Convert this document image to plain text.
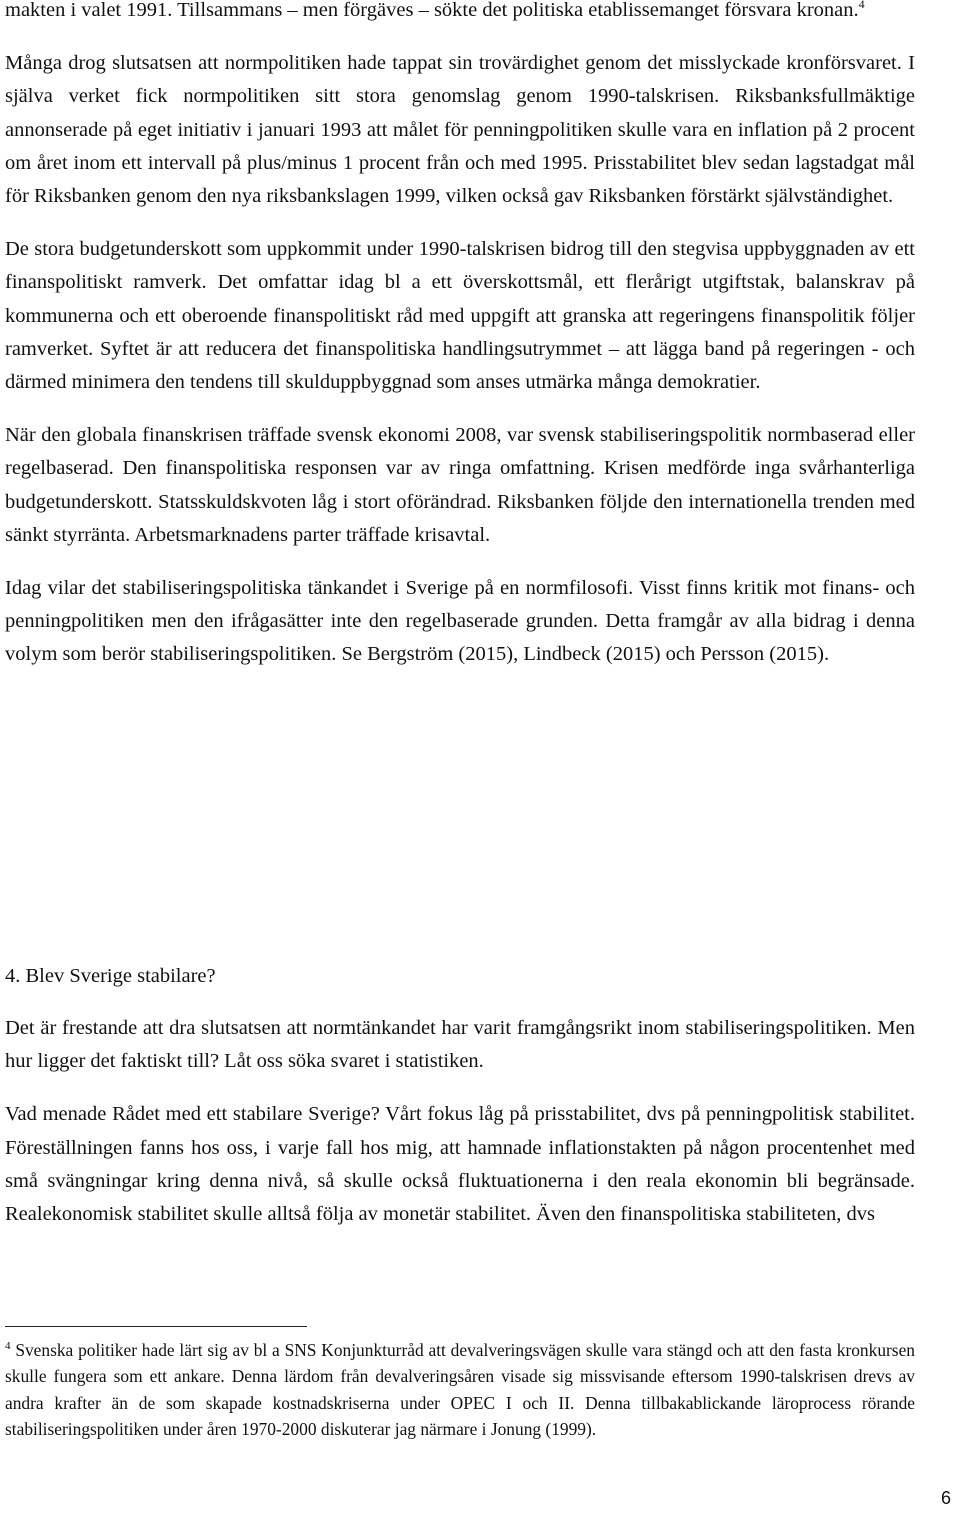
makten i valet 1991. Tillsammans – men förgäves – sökte det politiska etablissemanget försvara kronan.$^4$

Många drog slutsatsen att normpolitiken hade tappat sin trovärdighet genom det misslyckade kronförsvaret. I själva verket fick normpolitiken sitt stora genomslag genom 1990-talskrisen. Riksbanksfullmäktige annonserade på eget initiativ i januari 1993 att målet för penningpolitiken skulle vara en inflation på 2 procent om året inom ett intervall på plus/minus 1 procent från och med 1995. Prisstabilitet blev sedan lagstadgat mål för Riksbanken genom den nya riksbankslagen 1999, vilken också gav Riksbanken förstärkt självständighet.

De stora budgetunderskott som uppkommit under 1990-talskrisen bidrog till den stegvisa uppbyggnaden av ett finanspolitiskt ramverk. Det omfattar idag bl a ett överskottsmål, ett flerårigt utgiftstak, balanskrav på kommunerna och ett oberoende finanspolitiskt råd med uppgift att granska att regeringens finanspolitik följer ramverket. Syftet är att reducera det finanspolitiska handlingsutrymmet – att lägga band på regeringen - och därmed minimera den tendens till skulduppbyggnad som anses utmärka många demokratier.

När den globala finanskrisen träffade svensk ekonomi 2008, var svensk stabiliseringspolitik normbaserad eller regelbaserad. Den finanspolitiska responsen var av ringa omfattning. Krisen medförde inga svårhanterliga budgetunderskott. Statsskuldskvoten låg i stort oförändrad. Riksbanken följde den internationella trenden med sänkt styrränta. Arbetsmarknadens parter träffade krisavtal.

Idag vilar det stabiliseringspolitiska tänkandet i Sverige på en normfilosofi. Visst finns kritik mot finans- och penningpolitiken men den ifrågasätter inte den regelbaserade grunden. Detta framgår av alla bidrag i denna volym som berör stabiliseringspolitiken. Se Bergström (2015), Lindbeck (2015) och Persson (2015).

4. Blev Sverige stabilare?

Det är frestande att dra slutsatsen att normtänkandet har varit framgångsrikt inom stabiliseringspolitiken. Men hur ligger det faktiskt till? Låt oss söka svaret i statistiken.

Vad menade Rådet med ett stabilare Sverige? Vårt fokus låg på prisstabilitet, dvs på penningpolitisk stabilitet. Föreställningen fanns hos oss, i varje fall hos mig, att hamnade inflationstakten på någon procentenhet med små svängningar kring denna nivå, så skulle också fluktuationerna i den reala ekonomin bli begränsade. Realekonomisk stabilitet skulle alltså följa av monetär stabilitet. Även den finanspolitiska stabiliteten, dvs

$^4$ Svenska politiker hade lärt sig av bl a SNS Konjunkturråd att devalveringsvägen skulle vara stängd och att den fasta kronkursen skulle fungera som ett ankare. Denna lärdom från devalveringsåren visade sig missvisande eftersom 1990-talskrisen drevs av andra krafter än de som skapade kostnadskriserna under OPEC I och II. Denna tillbakablickande läroprocess rörande stabiliseringspolitiken under åren 1970-2000 diskuterar jag närmare i Jonung (1999).

6
